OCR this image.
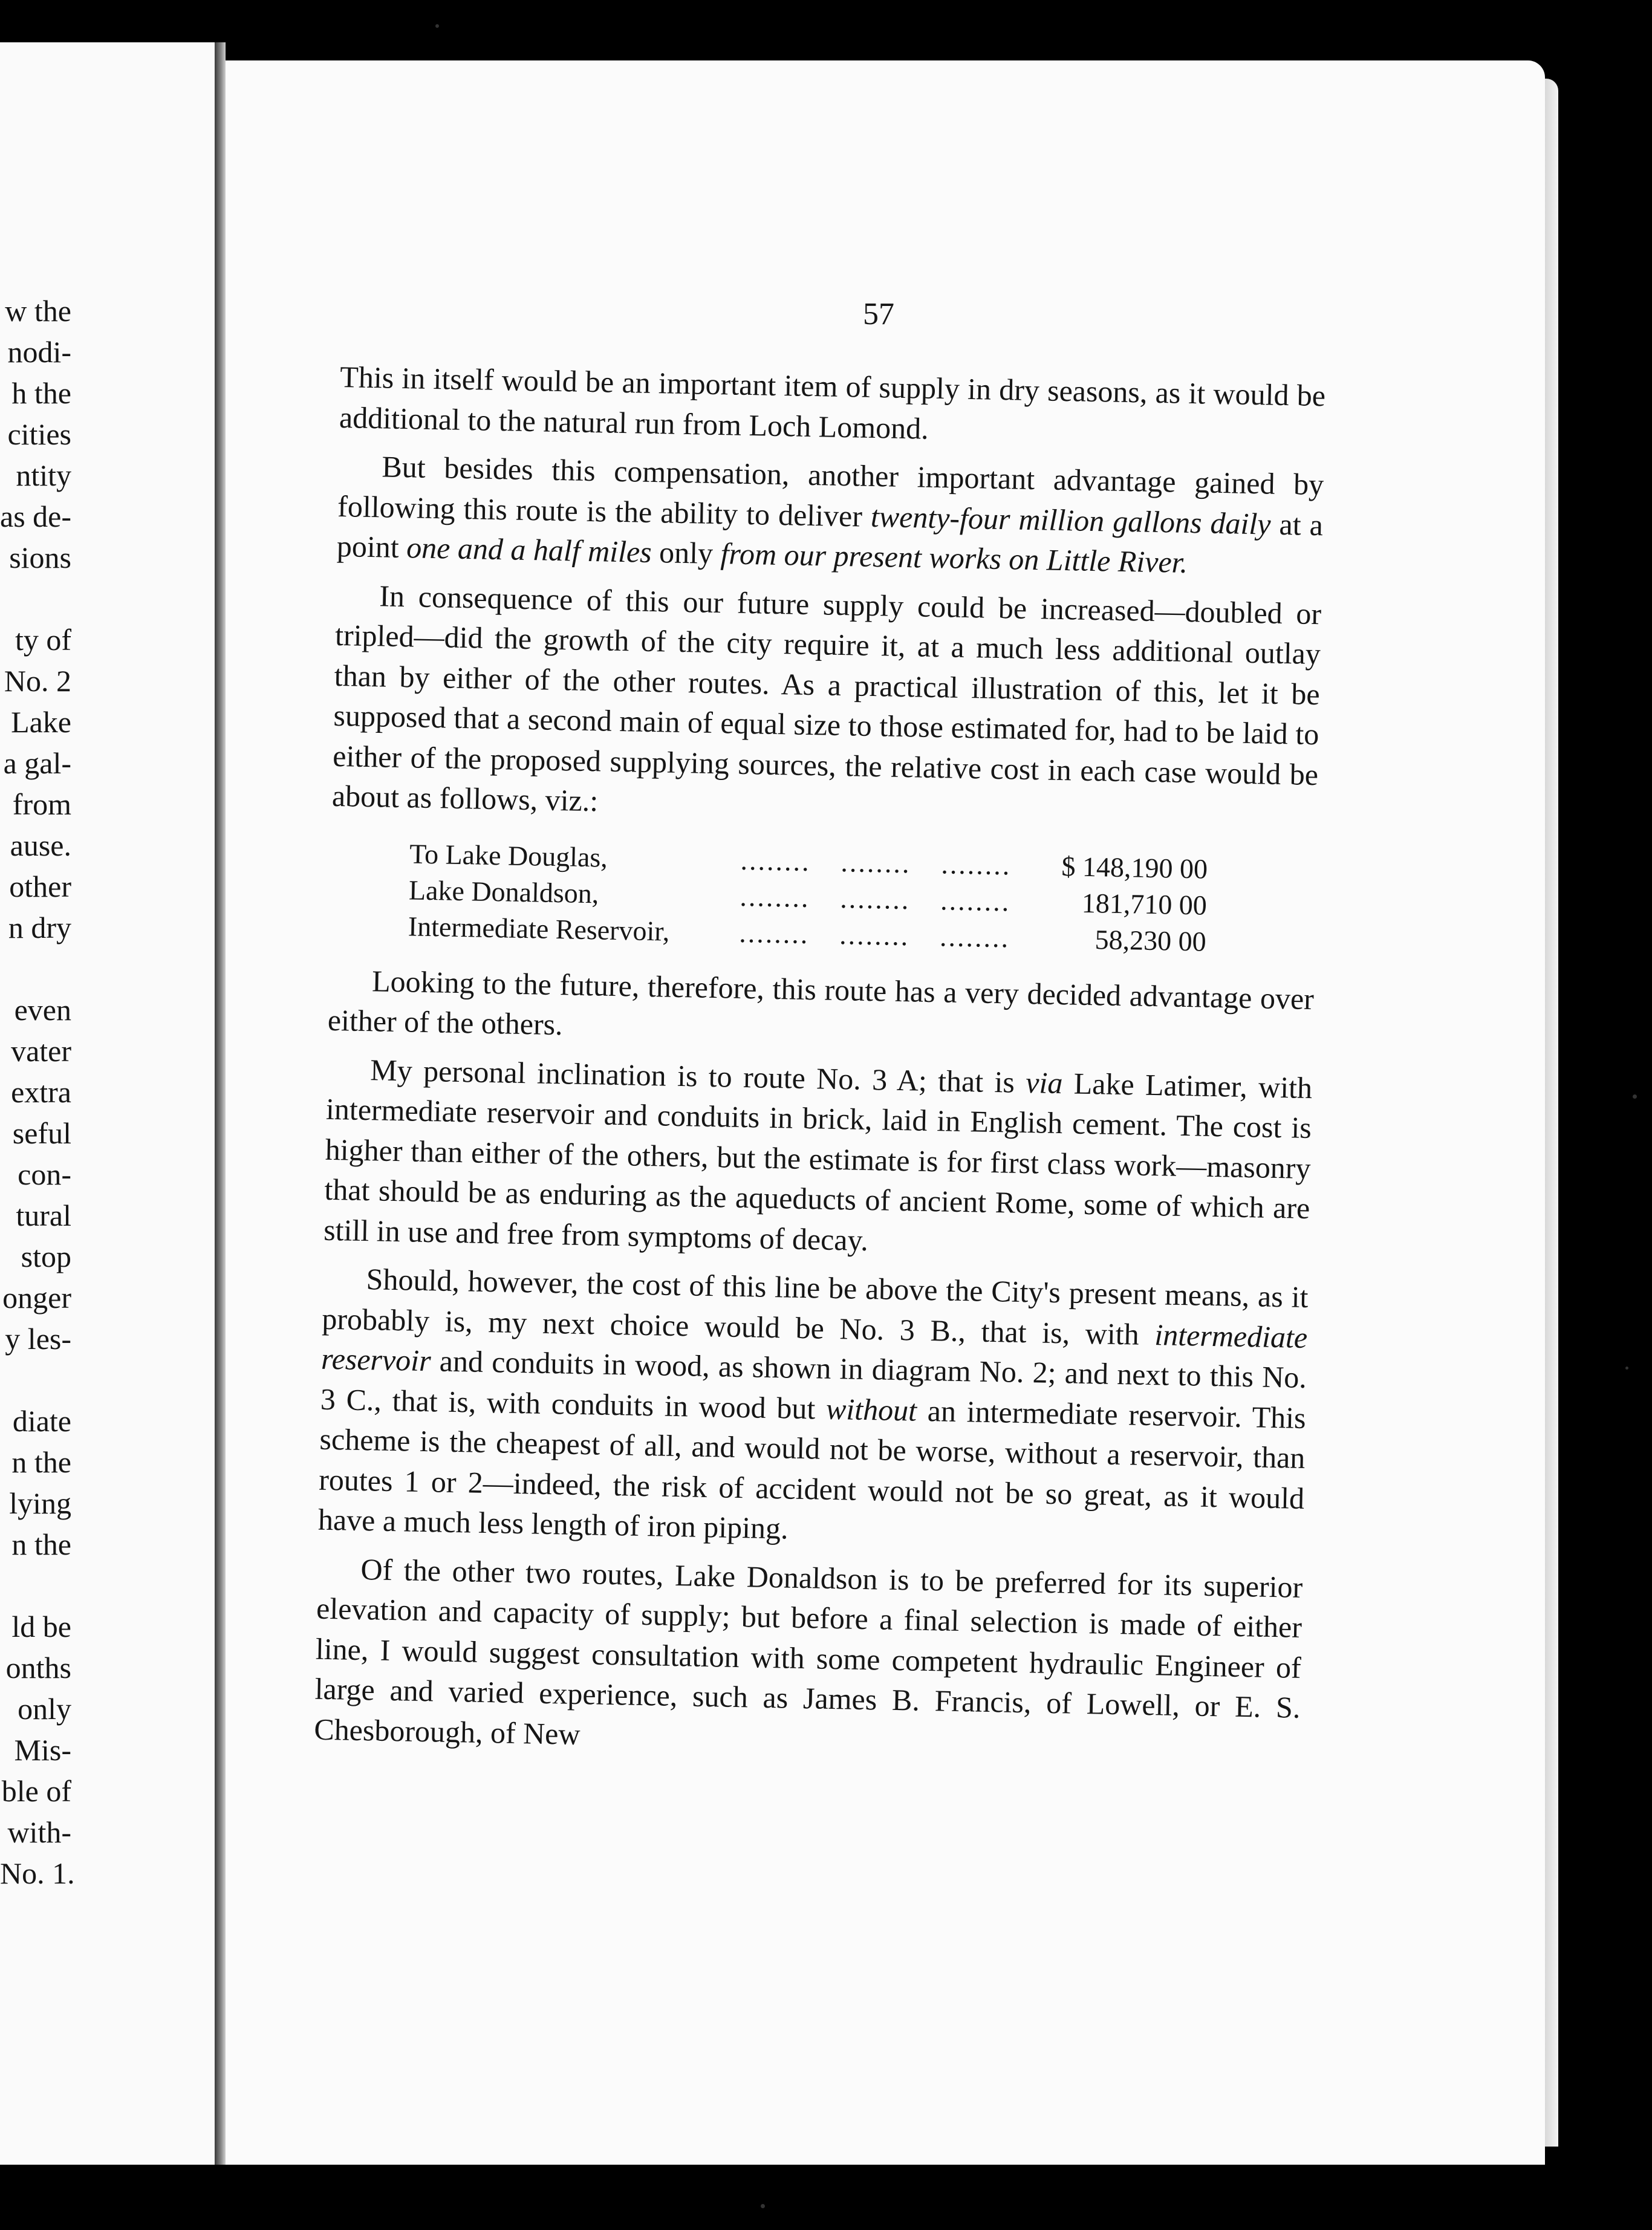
w the
nodi-
h the
cities
ntity
as de-
sions
ty of
No. 2
Lake
a gal-
from
ause.
other
n dry
even
vater
extra
seful
con-
tural
stop
onger
y les-
diate
n the
lying
n the
ld be
onths
only
Mis-
ble of
with-
No. 1.
57

This in itself would be an important item of supply in dry seasons, as it would be additional to the natural run from Loch Lomond.

But besides this compensation, another important advantage gained by following this route is the ability to deliver twenty-four million gallons daily at a point one and a half miles only from our present works on Little River.

In consequence of this our future supply could be increased—doubled or tripled—did the growth of the city require it, at a much less additional outlay than by either of the other routes. As a practical illustration of this, let it be supposed that a second main of equal size to those estimated for, had to be laid to either of the proposed supplying sources, the relative cost in each case would be about as follows, viz.:

To Lake Douglas,	........	........	........	$ 148,190 00
Lake Donaldson,	........	........	........	181,710 00
Intermediate Reservoir,	........	........	........	58,230 00

Looking to the future, therefore, this route has a very decided advantage over either of the others.

My personal inclination is to route No. 3 A; that is via Lake Latimer, with intermediate reservoir and conduits in brick, laid in English cement. The cost is higher than either of the others, but the estimate is for first class work—masonry that should be as enduring as the aqueducts of ancient Rome, some of which are still in use and free from symptoms of decay.

Should, however, the cost of this line be above the City's present means, as it probably is, my next choice would be No. 3 B., that is, with intermediate reservoir and conduits in wood, as shown in diagram No. 2; and next to this No. 3 C., that is, with conduits in wood but without an intermediate reservoir. This scheme is the cheapest of all, and would not be worse, without a reservoir, than routes 1 or 2—indeed, the risk of accident would not be so great, as it would have a much less length of iron piping.

Of the other two routes, Lake Donaldson is to be preferred for its superior elevation and capacity of supply; but before a final selection is made of either line, I would suggest consultation with some competent hydraulic Engineer of large and varied experience, such as James B. Francis, of Lowell, or E. S. Chesborough, of New
